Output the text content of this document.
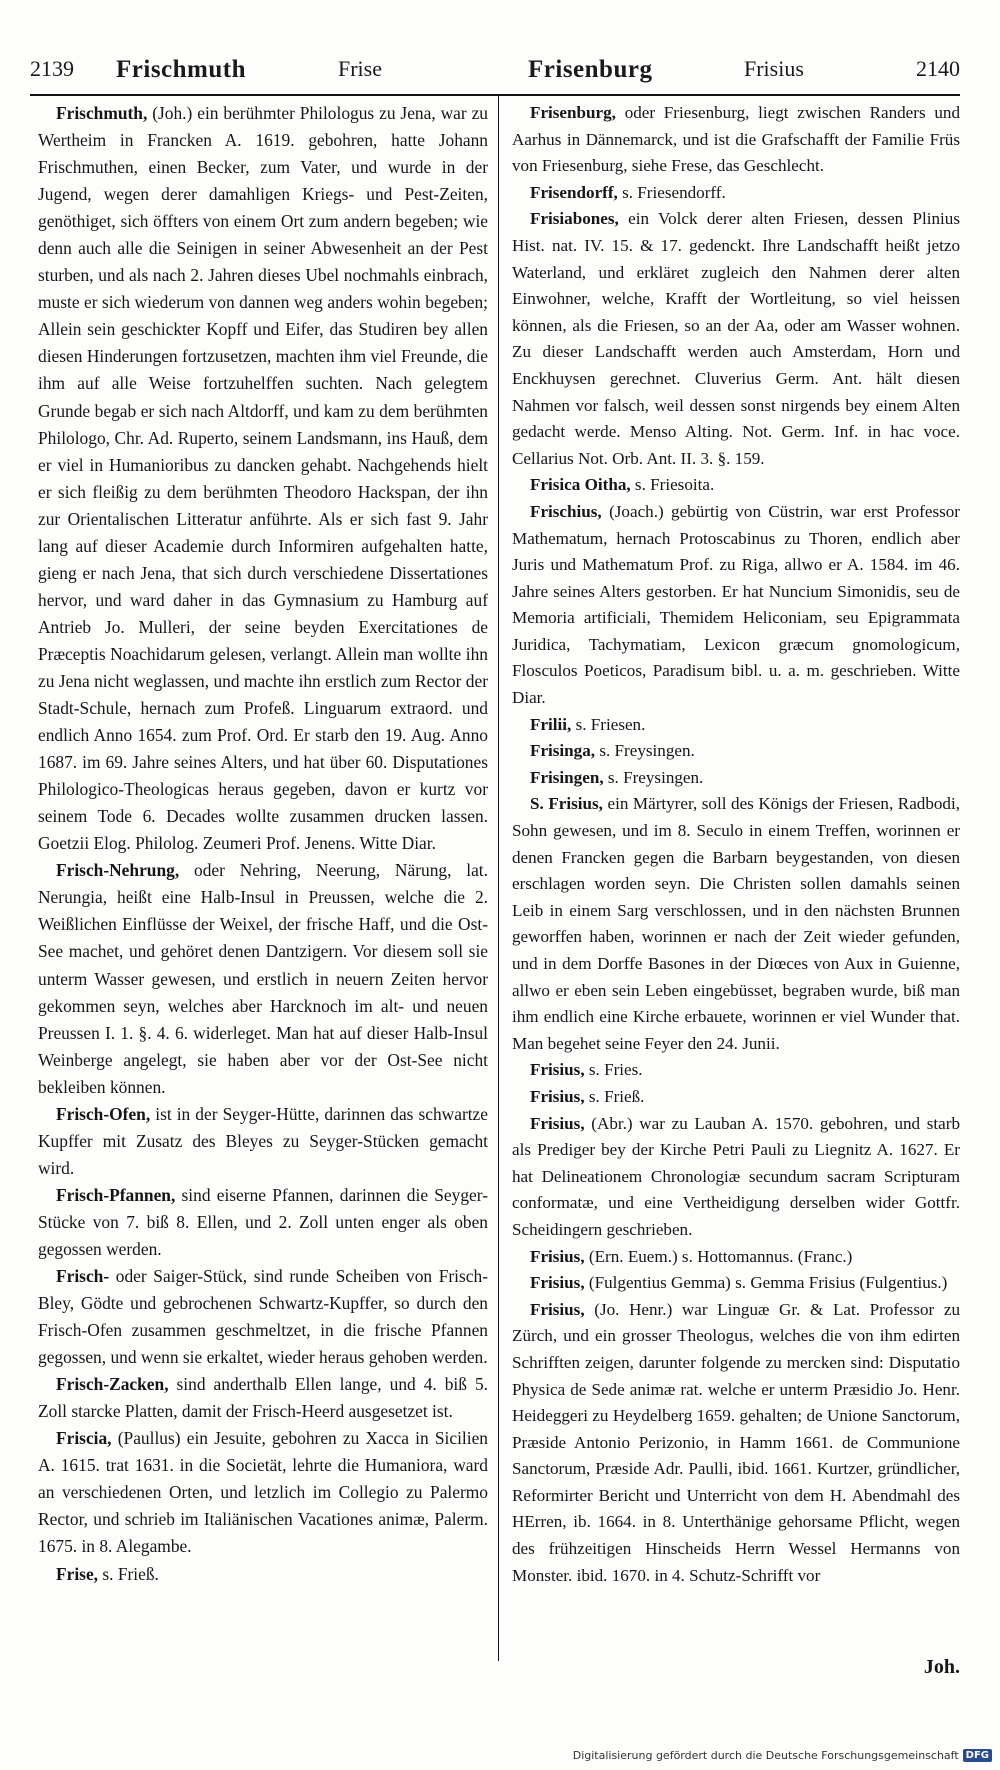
2139 Frischmuth	Frise	Frisenburg	Frisius	2140

Frischmuth, (Joh.) ein berühmter Philologus zu Jena, war zu Wertheim in Francken A. 1619. gebohren, hatte Johann Frischmuthen, einen Becker, zum Vater, und wurde in der Jugend, wegen derer damahligen Kriegs- und Pest-Zeiten, genöthiget, sich öffters von einem Ort zum andern begeben; wie denn auch alle die Seinigen in seiner Abwesenheit an der Pest sturben, und als nach 2. Jahren dieses Ubel nochmahls einbrach, muste er sich wiederum von dannen weg anders wohin begeben; Allein sein geschickter Kopff und Eifer, das Studiren bey allen diesen Hinderungen fortzusetzen, machten ihm viel Freunde, die ihm auf alle Weise fortzuhelffen suchten. Nach gelegtem Grunde begab er sich nach Altdorff, und kam zu dem berühmten Philologo, Chr. Ad. Ruperto, seinem Landsmann, ins Hauß, dem er viel in Humanioribus zu dancken gehabt. Nachgehends hielt er sich fleißig zu dem berühmten Theodoro Hackspan, der ihn zur Orientalischen Litteratur anführte. Als er sich fast 9. Jahr lang auf dieser Academie durch Informiren aufgehalten hatte, gieng er nach Jena, that sich durch verschiedene Dissertationes hervor, und ward daher in das Gymnasium zu Hamburg auf Antrieb Jo. Mulleri, der seine beyden Exercitationes de Præceptis Noachidarum gelesen, verlangt. Allein man wollte ihn zu Jena nicht weglassen, und machte ihn erstlich zum Rector der Stadt-Schule, hernach zum Profeß. Linguarum extraord. und endlich Anno 1654. zum Prof. Ord. Er starb den 19. Aug. Anno 1687. im 69. Jahre seines Alters, und hat über 60. Disputationes Philologico-Theologicas heraus gegeben, davon er kurtz vor seinem Tode 6. Decades wollte zusammen drucken lassen. Goetzii Elog. Philolog. Zeumeri Prof. Jenens. Witte Diar.

Frisch-Nehrung, oder Nehring, Neerung, Närung, lat. Nerungia, heißt eine Halb-Insul in Preussen, welche die 2. Weißlichen Einflüsse der Weixel, der frische Haff, und die Ost-See machet, und gehöret denen Dantzigern. Vor diesem soll sie unterm Wasser gewesen, und erstlich in neuern Zeiten hervor gekommen seyn, welches aber Harcknoch im alt- und neuen Preussen I. 1. §. 4. 6. widerleget. Man hat auf dieser Halb-Insul Weinberge angelegt, sie haben aber vor der Ost-See nicht bekleiben können.

Frisch-Ofen, ist in der Seyger-Hütte, darinnen das schwartze Kupffer mit Zusatz des Bleyes zu Seyger-Stücken gemacht wird.

Frisch-Pfannen, sind eiserne Pfannen, darinnen die Seyger-Stücke von 7. biß 8. Ellen, und 2. Zoll unten enger als oben gegossen werden.

Frisch- oder Saiger-Stück, sind runde Scheiben von Frisch-Bley, Gödte und gebrochenen Schwartz-Kupffer, so durch den Frisch-Ofen zusammen geschmeltzet, in die frische Pfannen gegossen, und wenn sie erkaltet, wieder heraus gehoben werden.

Frisch-Zacken, sind anderthalb Ellen lange, und 4. biß 5. Zoll starcke Platten, damit der Frisch-Heerd ausgesetzet ist.

Friscia, (Paullus) ein Jesuite, gebohren zu Xacca in Sicilien A. 1615. trat 1631. in die Societät, lehrte die Humaniora, ward an verschiedenen Orten, und letzlich im Collegio zu Palermo Rector, und schrieb im Italiänischen Vacationes animæ, Palerm. 1675. in 8. Alegambe.

Frise, s. Frieß.

Frisenburg, oder Friesenburg, liegt zwischen Randers und Aarhus in Dännemarck, und ist die Grafschafft der Familie Früs von Friesenburg, siehe Frese, das Geschlecht.

Frisendorff, s. Friesendorff.

Frisiabones, ein Volck derer alten Friesen, dessen Plinius Hist. nat. IV. 15. & 17. gedenckt. Ihre Landschafft heißt jetzo Waterland, und erkläret zugleich den Nahmen derer alten Einwohner, welche, Krafft der Wortleitung, so viel heissen können, als die Friesen, so an der Aa, oder am Wasser wohnen. Zu dieser Landschafft werden auch Amsterdam, Horn und Enckhuysen gerechnet. Cluverius Germ. Ant. hält diesen Nahmen vor falsch, weil dessen sonst nirgends bey einem Alten gedacht werde. Menso Alting. Not. Germ. Inf. in hac voce. Cellarius Not. Orb. Ant. II. 3. §. 159.

Frisica Oitha, s. Friesoita.

Frischius, (Joach.) gebürtig von Cüstrin, war erst Professor Mathematum, hernach Protoscabinus zu Thoren, endlich aber Juris und Mathematum Prof. zu Riga, allwo er A. 1584. im 46. Jahre seines Alters gestorben. Er hat Nuncium Simonidis, seu de Memoria artificiali, Themidem Heliconiam, seu Epigrammata Juridica, Tachymatiam, Lexicon græcum gnomologicum, Flosculos Poeticos, Paradisum bibl. u. a. m. geschrieben. Witte Diar.

Frilii, s. Friesen.

Frisinga, s. Freysingen.

Frisingen, s. Freysingen.

S. Frisius, ein Märtyrer, soll des Königs der Friesen, Radbodi, Sohn gewesen, und im 8. Seculo in einem Treffen, worinnen er denen Francken gegen die Barbarn beygestanden, von diesen erschlagen worden seyn. Die Christen sollen damahls seinen Leib in einem Sarg verschlossen, und in den nächsten Brunnen geworffen haben, worinnen er nach der Zeit wieder gefunden, und in dem Dorffe Basones in der Diœces von Aux in Guienne, allwo er eben sein Leben eingebüsset, begraben wurde, biß man ihm endlich eine Kirche erbauete, worinnen er viel Wunder that. Man begehet seine Feyer den 24. Junii.

Frisius, s. Fries.

Frisius, s. Frieß.

Frisius, (Abr.) war zu Lauban A. 1570. gebohren, und starb als Prediger bey der Kirche Petri Pauli zu Liegnitz A. 1627. Er hat Delineationem Chronologiæ secundum sacram Scripturam conformatæ, und eine Vertheidigung derselben wider Gottfr. Scheidingern geschrieben.

Frisius, (Ern. Euem.) s. Hottomannus. (Franc.)

Frisius, (Fulgentius Gemma) s. Gemma Frisius (Fulgentius.)

Frisius, (Jo. Henr.) war Linguæ Gr. & Lat. Professor zu Zürch, und ein grosser Theologus, welches die von ihm edirten Schrifften zeigen, darunter folgende zu mercken sind: Disputatio Physica de Sede animæ rat. welche er unterm Præsidio Jo. Henr. Heideggeri zu Heydelberg 1659. gehalten; de Unione Sanctorum, Præside Antonio Perizonio, in Hamm 1661. de Communione Sanctorum, Præside Adr. Paulli, ibid. 1661. Kurtzer, gründlicher, Reformirter Bericht und Unterricht von dem H. Abendmahl des HErren, ib. 1664. in 8. Unterthänige gehorsame Pflicht, wegen des frühzeitigen Hinscheids Herrn Wessel Hermanns von Monster. ibid. 1670. in 4. Schutz-Schrifft vor

Joh.
Digitalisierung gefördert durch die Deutsche Forschungsgemeinschaft DFG
